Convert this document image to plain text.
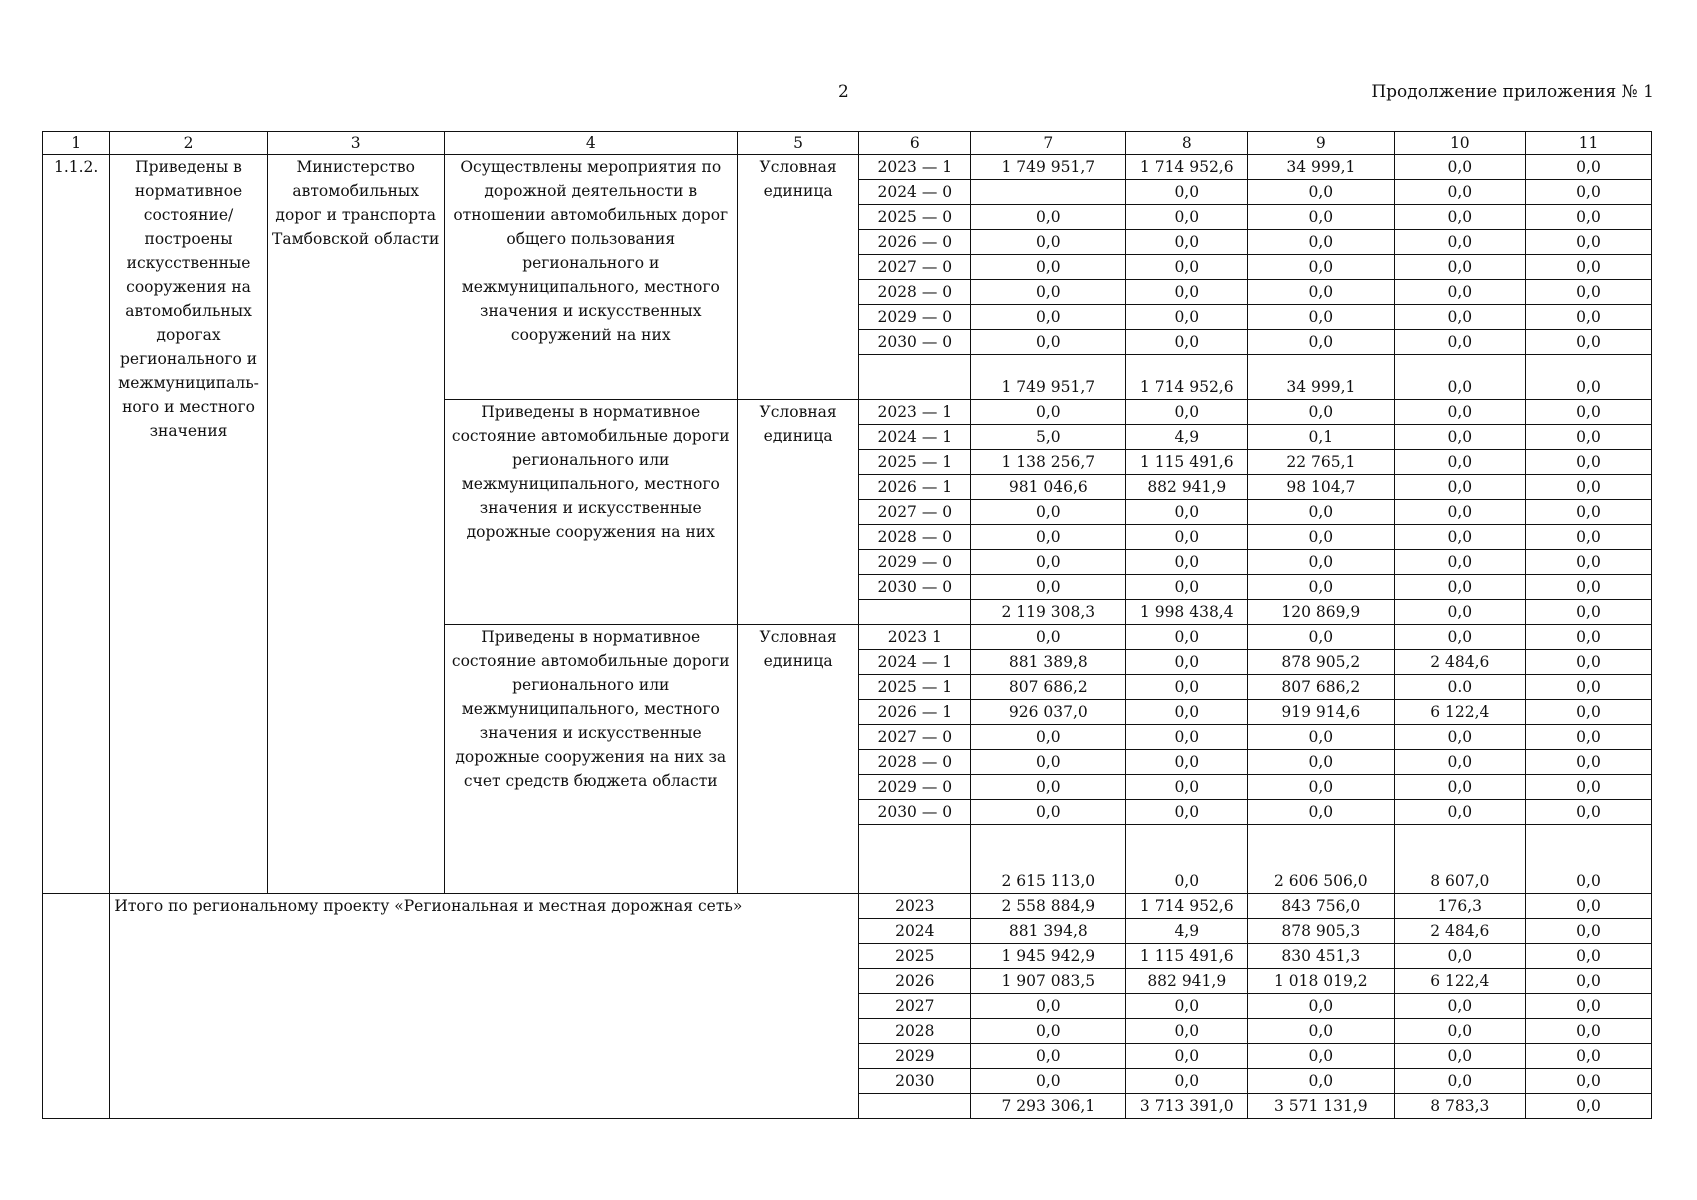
2	Продолжение приложения № 1
1	2	3	4	5	6	7	8	9	10	11
1.1.2.	Приведены в нормативное состояние/ построены искусственные сооружения на автомобильных дорогах регионального и межмуниципаль-ного и местного значения	Министерство автомобильных дорог и транспорта Тамбовской области	Осуществлены мероприятия по дорожной деятельности в отношении автомобильных дорог общего пользования регионального и межмуниципального, местного значения и искусственных сооружений на них	Условная единица	2023 — 1	1 749 951,7	1 714 952,6	34 999,1	0,0	0,0
					2024 — 0		0,0	0,0	0,0	0,0
					2025 — 0	0,0	0,0	0,0	0,0	0,0
					2026 — 0	0,0	0,0	0,0	0,0	0,0
					2027 — 0	0,0	0,0	0,0	0,0	0,0
					2028 — 0	0,0	0,0	0,0	0,0	0,0
					2029 — 0	0,0	0,0	0,0	0,0	0,0
					2030 — 0	0,0	0,0	0,0	0,0	0,0
						1 749 951,7	1 714 952,6	34 999,1	0,0	0,0
			Приведены в нормативное состояние автомобильные дороги регионального или межмуниципального, местного значения и искусственные дорожные сооружения на них	Условная единица	2023 — 1	0,0	0,0	0,0	0,0	0,0
					2024 — 1	5,0	4,9	0,1	0,0	0,0
					2025 — 1	1 138 256,7	1 115 491,6	22 765,1	0,0	0,0
					2026 — 1	981 046,6	882 941,9	98 104,7	0,0	0,0
					2027 — 0	0,0	0,0	0,0	0,0	0,0
					2028 — 0	0,0	0,0	0,0	0,0	0,0
					2029 — 0	0,0	0,0	0,0	0,0	0,0
					2030 — 0	0,0	0,0	0,0	0,0	0,0
						2 119 308,3	1 998 438,4	120 869,9	0,0	0,0
			Приведены в нормативное состояние автомобильные дороги регионального или межмуниципального, местного значения и искусственные дорожные сооружения на них за счет средств бюджета области	Условная единица	2023 1	0,0	0,0	0,0	0,0	0,0
					2024 — 1	881 389,8	0,0	878 905,2	2 484,6	0,0
					2025 — 1	807 686,2	0,0	807 686,2	0.0	0,0
					2026 — 1	926 037,0	0,0	919 914,6	6 122,4	0,0
					2027 — 0	0,0	0,0	0,0	0,0	0,0
					2028 — 0	0,0	0,0	0,0	0,0	0,0
					2029 — 0	0,0	0,0	0,0	0,0	0,0
					2030 — 0	0,0	0,0	0,0	0,0	0,0
						2 615 113,0	0,0	2 606 506,0	8 607,0	0,0
	Итого по региональному проекту «Региональная и местная дорожная сеть»				2023	2 558 884,9	1 714 952,6	843 756,0	176,3	0,0
					2024	881 394,8	4,9	878 905,3	2 484,6	0,0
					2025	1 945 942,9	1 115 491,6	830 451,3	0,0	0,0
					2026	1 907 083,5	882 941,9	1 018 019,2	6 122,4	0,0
					2027	0,0	0,0	0,0	0,0	0,0
					2028	0,0	0,0	0,0	0,0	0,0
					2029	0,0	0,0	0,0	0,0	0,0
					2030	0,0	0,0	0,0	0,0	0,0
						7 293 306,1	3 713 391,0	3 571 131,9	8 783,3	0,0
